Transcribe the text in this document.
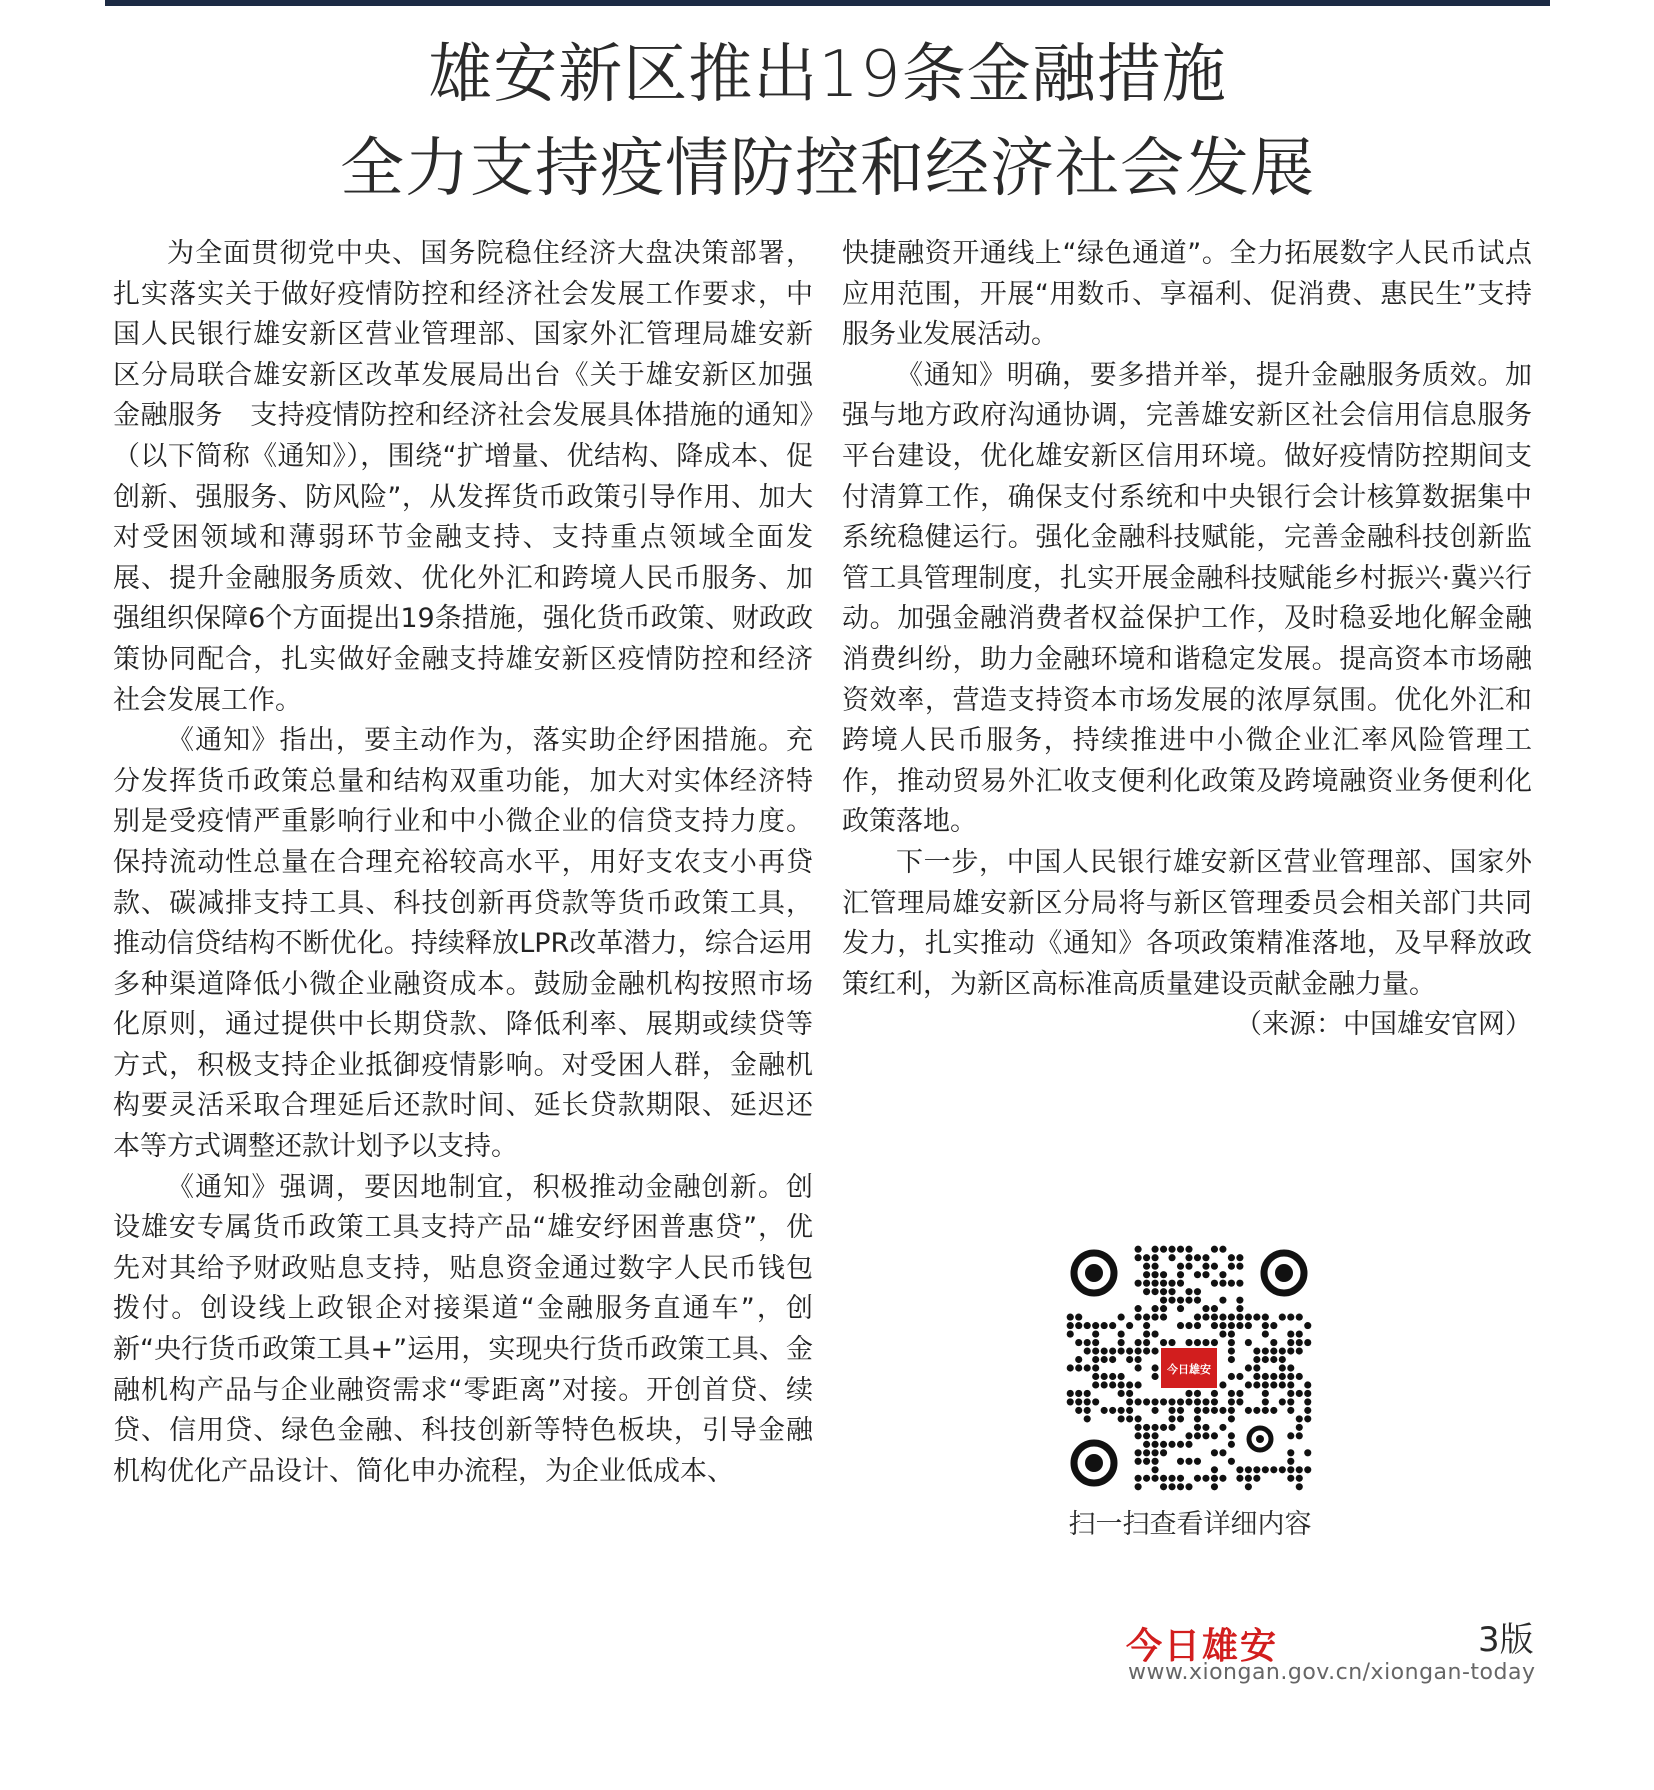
雄安新区推出19条金融措施
全力支持疫情防控和经济社会发展

为全面贯彻党中央、国务院稳住经济大盘决策部署，扎实落实关于做好疫情防控和经济社会发展工作要求，中国人民银行雄安新区营业管理部、国家外汇管理局雄安新区分局联合雄安新区改革发展局出台《关于雄安新区加强金融服务　支持疫情防控和经济社会发展具体措施的通知》（以下简称《通知》），围绕“扩增量、优结构、降成本、促创新、强服务、防风险”，从发挥货币政策引导作用、加大对受困领域和薄弱环节金融支持、支持重点领域全面发展、提升金融服务质效、优化外汇和跨境人民币服务、加强组织保障6个方面提出19条措施，强化货币政策、财政政策协同配合，扎实做好金融支持雄安新区疫情防控和经济社会发展工作。

《通知》指出，要主动作为，落实助企纾困措施。充分发挥货币政策总量和结构双重功能，加大对实体经济特别是受疫情严重影响行业和中小微企业的信贷支持力度。保持流动性总量在合理充裕较高水平，用好支农支小再贷款、碳减排支持工具、科技创新再贷款等货币政策工具，推动信贷结构不断优化。持续释放LPR改革潜力，综合运用多种渠道降低小微企业融资成本。鼓励金融机构按照市场化原则，通过提供中长期贷款、降低利率、展期或续贷等方式，积极支持企业抵御疫情影响。对受困人群，金融机构要灵活采取合理延后还款时间、延长贷款期限、延迟还本等方式调整还款计划予以支持。

《通知》强调，要因地制宜，积极推动金融创新。创设雄安专属货币政策工具支持产品“雄安纾困普惠贷”，优先对其给予财政贴息支持，贴息资金通过数字人民币钱包拨付。创设线上政银企对接渠道“金融服务直通车”，创新“央行货币政策工具+”运用，实现央行货币政策工具、金融机构产品与企业融资需求“零距离”对接。开创首贷、续贷、信用贷、绿色金融、科技创新等特色板块，引导金融机构优化产品设计、简化申办流程，为企业低成本、

快捷融资开通线上“绿色通道”。全力拓展数字人民币试点应用范围，开展“用数币、享福利、促消费、惠民生”支持服务业发展活动。

《通知》明确，要多措并举，提升金融服务质效。加强与地方政府沟通协调，完善雄安新区社会信用信息服务平台建设，优化雄安新区信用环境。做好疫情防控期间支付清算工作，确保支付系统和中央银行会计核算数据集中系统稳健运行。强化金融科技赋能，完善金融科技创新监管工具管理制度，扎实开展金融科技赋能乡村振兴·冀兴行动。加强金融消费者权益保护工作，及时稳妥地化解金融消费纠纷，助力金融环境和谐稳定发展。提高资本市场融资效率，营造支持资本市场发展的浓厚氛围。优化外汇和跨境人民币服务，持续推进中小微企业汇率风险管理工作，推动贸易外汇收支便利化政策及跨境融资业务便利化政策落地。

下一步，中国人民银行雄安新区营业管理部、国家外汇管理局雄安新区分局将与新区管理委员会相关部门共同发力，扎实推动《通知》各项政策精准落地，及早释放政策红利，为新区高标准高质量建设贡献金融力量。

（来源：中国雄安官网）

今日雄安
扫一扫查看详细内容
今日雄安	3版
www.xiongan.gov.cn/xiongan-today
